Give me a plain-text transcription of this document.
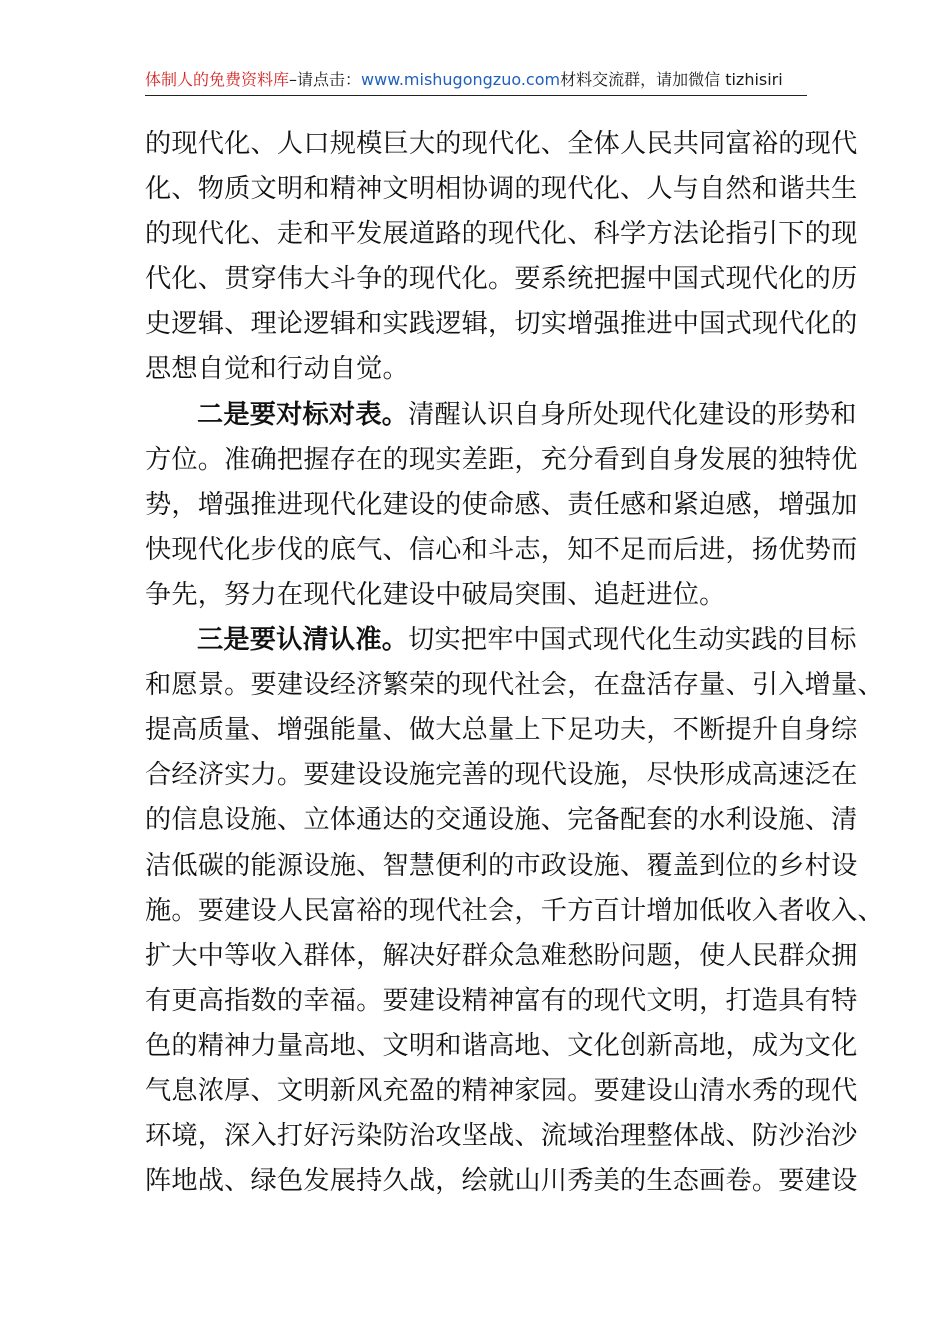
体制人的免费资料库–请点击：www.mishugongzuo.com材料交流群，请加微信 tizhisiri
的现代化、人口规模巨大的现代化、全体人民共同富裕的现代
化、物质文明和精神文明相协调的现代化、人与自然和谐共生
的现代化、走和平发展道路的现代化、科学方法论指引下的现
代化、贯穿伟大斗争的现代化。要系统把握中国式现代化的历
史逻辑、理论逻辑和实践逻辑，切实增强推进中国式现代化的
思想自觉和行动自觉。
二是要对标对表。清醒认识自身所处现代化建设的形势和
方位。准确把握存在的现实差距，充分看到自身发展的独特优
势，增强推进现代化建设的使命感、责任感和紧迫感，增强加
快现代化步伐的底气、信心和斗志，知不足而后进，扬优势而
争先，努力在现代化建设中破局突围、追赶进位。
三是要认清认准。切实把牢中国式现代化生动实践的目标
和愿景。要建设经济繁荣的现代社会，在盘活存量、引入增量、
提高质量、增强能量、做大总量上下足功夫，不断提升自身综
合经济实力。要建设设施完善的现代设施，尽快形成高速泛在
的信息设施、立体通达的交通设施、完备配套的水利设施、清
洁低碳的能源设施、智慧便利的市政设施、覆盖到位的乡村设
施。要建设人民富裕的现代社会，千方百计增加低收入者收入、
扩大中等收入群体，解决好群众急难愁盼问题，使人民群众拥
有更高指数的幸福。要建设精神富有的现代文明，打造具有特
色的精神力量高地、文明和谐高地、文化创新高地，成为文化
气息浓厚、文明新风充盈的精神家园。要建设山清水秀的现代
环境，深入打好污染防治攻坚战、流域治理整体战、防沙治沙
阵地战、绿色发展持久战，绘就山川秀美的生态画卷。要建设
